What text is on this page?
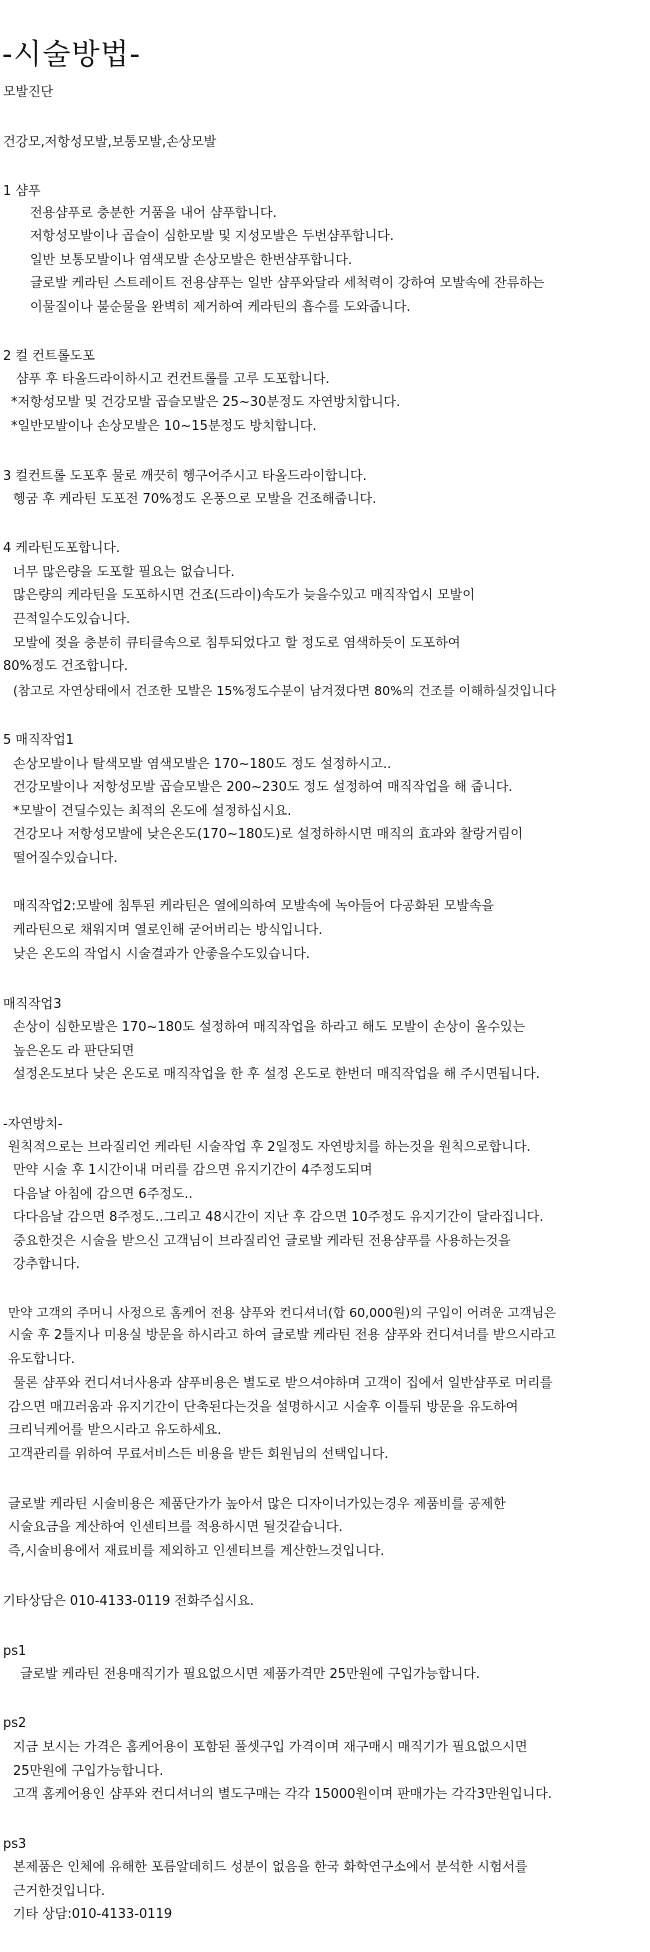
-시술방법-
모발진단
건강모,저항성모발,보통모발,손상모발
1 샴푸
전용샴푸로 충분한 거품을 내어 샴푸합니다.
저항성모발이나 곱슬이 심한모발 및 지성모발은 두번샴푸합니다.
일반 보통모발이나 염색모발 손상모발은 한번샴푸합니다.
글로발 케라틴 스트레이트 전용샴푸는 일반 샴푸와달라 세척력이 강하여 모발속에 잔류하는
이물질이나 불순물을 완벽히 제거하여 케라틴의 흡수를 도와줍니다.
2 컬 컨트롤도포
샴푸 후 타올드라이하시고 컨컨트롤를 고루 도포합니다.
*저항성모발 및 건강모발 곱슬모발은 25~30분정도 자연방치합니다.
*일반모발이나 손상모발은 10~15분정도 방치합니다.
3 컬컨트롤 도포후 물로 깨끗히 헹구어주시고 타올드라이합니다.
헹굼 후 케라틴 도포전 70%정도 온풍으로 모발을 건조해줍니다.
4 케라틴도포합니다.
너무 많은량을 도포할 필요는 없습니다.
많은량의 케라틴을 도포하시면 건조(드라이)속도가 늦을수있고 매직작업시 모발이
끈적일수도있습니다.
모발에 젖을 충분히 큐티클속으로 침투되었다고 할 정도로 염색하듯이 도포하여
80%정도 건조합니다.
(참고로 자연상태에서 건조한 모발은 15%정도수분이 남겨졌다면 80%의 건조를 이해하실것입니다
5 매직작업1
손상모발이나 탈색모발 염색모발은 170~180도 정도 설정하시고..
건강모발이나 저항성모발 곱슬모발은 200~230도 정도 설정하여 매직작업을 해 줍니다.
*모발이 견딜수있는 최적의 온도에 설정하십시요.
건강모나 저항성모발에 낮은온도(170~180도)로 설정하하시면 매직의 효과와 찰랑거림이
떨어질수있습니다.
매직작업2:모발에 침투된 케라틴은 열에의하여 모발속에 녹아들어 다공화된 모발속을
케라틴으로 채워지며 열로인해 굳어버리는 방식입니다.
낮은 온도의 작업시 시술결과가 안좋을수도있습니다.
매직작업3
손상이 심한모발은 170~180도 설정하여 매직작업을 하라고 해도 모발이 손상이 올수있는
높은온도 라 판단되면
설정온도보다 낮은 온도로 매직작업을 한 후 설정 온도로 한번더 매직작업을 해 주시면됩니다.
-자연방치-
원칙적으로는 브라질리언 케라틴 시술작업 후 2일정도 자연방치를 하는것을 원칙으로합니다.
만약 시술 후 1시간이내 머리를 감으면 유지기간이 4주정도되며
다음날 아침에 감으면 6주정도..
다다음날 감으면 8주정도..그리고 48시간이 지난 후 감으면 10주정도 유지기간이 달라집니다.
중요한것은 시술을 받으신 고객님이 브라질리언 글로발 케라틴 전용샴푸를 사용하는것을
강추합니다.
만약 고객의 주머니 사정으로 홈케어 전용 샴푸와 컨디셔너(합 60,000원)의 구입이 어려운 고객님은
시술 후 2틀지나 미용실 방문을 하시라고 하여 글로발 케라틴 전용 샴푸와 컨디셔너를 받으시라고
유도합니다.
물론 샴푸와 컨디셔너사용과 샴푸비용은 별도로 받으셔야하며 고객이 집에서 일반샴푸로 머리를
감으면 매끄러움과 유지기간이 단축된다는것을 설명하시고 시술후 이틀뒤 방문을 유도하여
크리닉케어를 받으시라고 유도하세요.
고객관리를 위하여 무료서비스든 비용을 받든 회원님의 선택입니다.
글로발 케라틴 시술비용은 제품단가가 높아서 많은 디자이너가있는경우 제품비를 공제한
시술요금을 계산하여 인센티브를 적용하시면 될것같습니다.
즉,시술비용에서 재료비를 제외하고 인센티브를 계산한느것입니다.
기타상담은 010-4133-0119 전화주십시요.
ps1
글로발 케라틴 전용매직기가 필요없으시면 제품가격만 25만원에 구입가능합니다.
ps2
지금 보시는 가격은 홈케어용이 포함된 풀셋구입 가격이며 재구매시 매직기가 필요없으시면
25만원에 구입가능합니다.
고객 홈케어용인 샴푸와 컨디셔너의 별도구매는 각각 15000원이며 판매가는 각각3만원입니다.
ps3
본제품은 인체에 유해한 포름알데히드 성분이 없음을 한국 화학연구소에서 분석한 시험서를
근거한것입니다.
기타 상담:010-4133-0119
